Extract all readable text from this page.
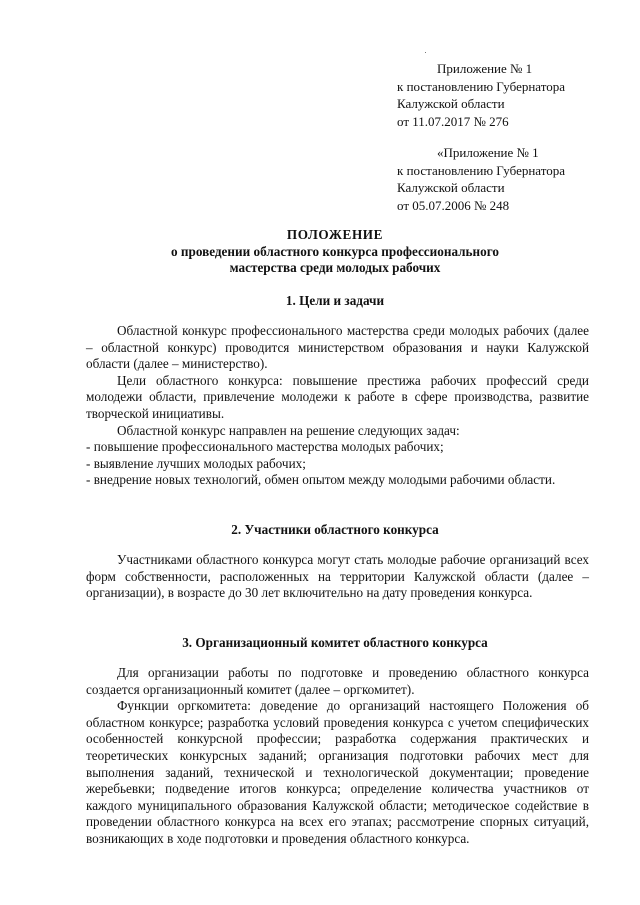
Приложение № 1
к постановлению Губернатора
Калужской области
от 11.07.2017 № 276
«Приложение № 1
к постановлению Губернатора
Калужской области
от 05.07.2006 № 248
ПОЛОЖЕНИЕ
о проведении областного конкурса профессионального
мастерства среди молодых рабочих
1. Цели и задачи
Областной конкурс профессионального мастерства среди молодых рабочих (далее – областной конкурс) проводится министерством образования и науки Калужской области (далее – министерство).
Цели областного конкурса: повышение престижа рабочих профессий среди молодежи области, привлечение молодежи к работе в сфере производства, развитие творческой инициативы.
Областной конкурс направлен на решение следующих задач:
- повышение профессионального мастерства молодых рабочих;
- выявление лучших молодых рабочих;
- внедрение новых технологий, обмен опытом между молодыми рабочими области.
2. Участники областного конкурса
Участниками областного конкурса могут стать молодые рабочие организаций всех форм собственности, расположенных на территории Калужской области (далее – организации), в возрасте до 30 лет включительно на дату проведения конкурса.
3. Организационный комитет областного конкурса
Для организации работы по подготовке и проведению областного конкурса создается организационный комитет (далее – оргкомитет).
Функции оргкомитета: доведение до организаций настоящего Положения об областном конкурсе; разработка условий проведения конкурса с учетом специфических особенностей конкурсной профессии; разработка содержания практических и теоретических конкурсных заданий; организация подготовки рабочих мест для выполнения заданий, технической и технологической документации; проведение жеребьевки; подведение итогов конкурса; определение количества участников от каждого муниципального образования Калужской области; методическое содействие в проведении областного конкурса на всех его этапах; рассмотрение спорных ситуаций, возникающих в ходе подготовки и проведения областного конкурса.
